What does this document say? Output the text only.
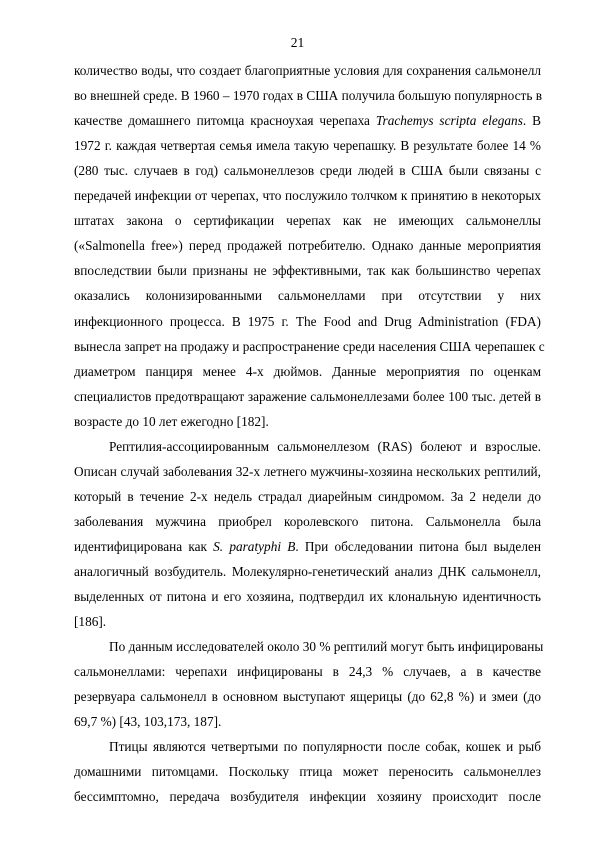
21
количество воды, что создает благоприятные условия для сохранения сальмонелл
во внешней среде. В 1960 – 1970 годах в США получила большую популярность в
качестве домашнего питомца красноухая черепаха Trachemys scripta elegans. В
1972 г. каждая четвертая семья имела такую черепашку. В результате более 14 %
(280 тыс. случаев в год) сальмонеллезов среди людей в США были связаны с
передачей инфекции от черепах, что послужило толчком к принятию в некоторых
штатах закона о сертификации черепах как не имеющих сальмонеллы
(«Salmonella free») перед продажей потребителю. Однако данные мероприятия
впоследствии были признаны не эффективными, так как большинство черепах
оказались колонизированными сальмонеллами при отсутствии у них
инфекционного процесса. В 1975 г. The Food and Drug Administration (FDA)
вынесла запрет на продажу и распространение среди населения США черепашек с
диаметром панциря менее 4-х дюймов. Данные мероприятия по оценкам
специалистов предотвращают заражение сальмонеллезами более 100 тыс. детей в
возрасте до 10 лет ежегодно [182].
Рептилия-ассоциированным сальмонеллезом (RAS) болеют и взрослые.
Описан случай заболевания 32-х летнего мужчины-хозяина нескольких рептилий,
который в течение 2-х недель страдал диарейным синдромом. За 2 недели до
заболевания мужчина приобрел королевского питона. Сальмонелла была
идентифицирована как S. paratyphi B. При обследовании питона был выделен
аналогичный возбудитель. Молекулярно-генетический анализ ДНК сальмонелл,
выделенных от питона и его хозяина, подтвердил их клональную идентичность
[186].
По данным исследователей около 30 % рептилий могут быть инфицированы
сальмонеллами: черепахи инфицированы в 24,3 % случаев, а в качестве
резервуара сальмонелл в основном выступают ящерицы (до 62,8 %) и змеи (до
69,7 %) [43, 103,173, 187].
Птицы являются четвертыми по популярности после собак, кошек и рыб
домашними питомцами. Поскольку птица может переносить сальмонеллез
бессимптомно, передача возбудителя инфекции хозяину происходит после
